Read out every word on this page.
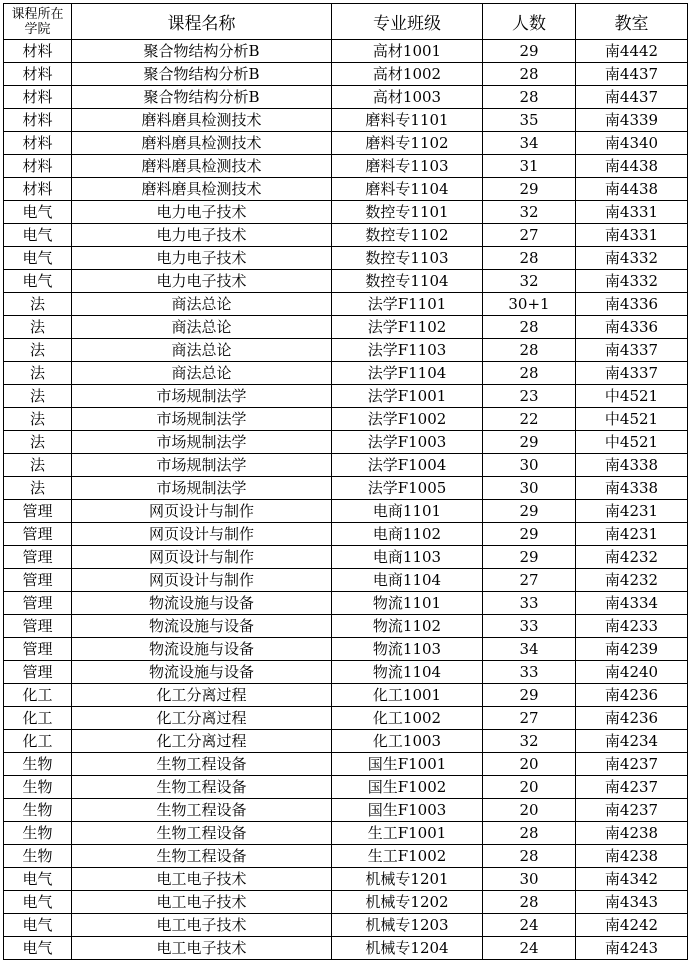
课程所在
学院	课程名称	专业班级	人数	教室
材料	聚合物结构分析B	高材1001	29	南4442
材料	聚合物结构分析B	高材1002	28	南4437
材料	聚合物结构分析B	高材1003	28	南4437
材料	磨料磨具检测技术	磨料专1101	35	南4339
材料	磨料磨具检测技术	磨料专1102	34	南4340
材料	磨料磨具检测技术	磨料专1103	31	南4438
材料	磨料磨具检测技术	磨料专1104	29	南4438
电气	电力电子技术	数控专1101	32	南4331
电气	电力电子技术	数控专1102	27	南4331
电气	电力电子技术	数控专1103	28	南4332
电气	电力电子技术	数控专1104	32	南4332
法	商法总论	法学F1101	30+1	南4336
法	商法总论	法学F1102	28	南4336
法	商法总论	法学F1103	28	南4337
法	商法总论	法学F1104	28	南4337
法	市场规制法学	法学F1001	23	中4521
法	市场规制法学	法学F1002	22	中4521
法	市场规制法学	法学F1003	29	中4521
法	市场规制法学	法学F1004	30	南4338
法	市场规制法学	法学F1005	30	南4338
管理	网页设计与制作	电商1101	29	南4231
管理	网页设计与制作	电商1102	29	南4231
管理	网页设计与制作	电商1103	29	南4232
管理	网页设计与制作	电商1104	27	南4232
管理	物流设施与设备	物流1101	33	南4334
管理	物流设施与设备	物流1102	33	南4233
管理	物流设施与设备	物流1103	34	南4239
管理	物流设施与设备	物流1104	33	南4240
化工	化工分离过程	化工1001	29	南4236
化工	化工分离过程	化工1002	27	南4236
化工	化工分离过程	化工1003	32	南4234
生物	生物工程设备	国生F1001	20	南4237
生物	生物工程设备	国生F1002	20	南4237
生物	生物工程设备	国生F1003	20	南4237
生物	生物工程设备	生工F1001	28	南4238
生物	生物工程设备	生工F1002	28	南4238
电气	电工电子技术	机械专1201	30	南4342
电气	电工电子技术	机械专1202	28	南4343
电气	电工电子技术	机械专1203	24	南4242
电气	电工电子技术	机械专1204	24	南4243
